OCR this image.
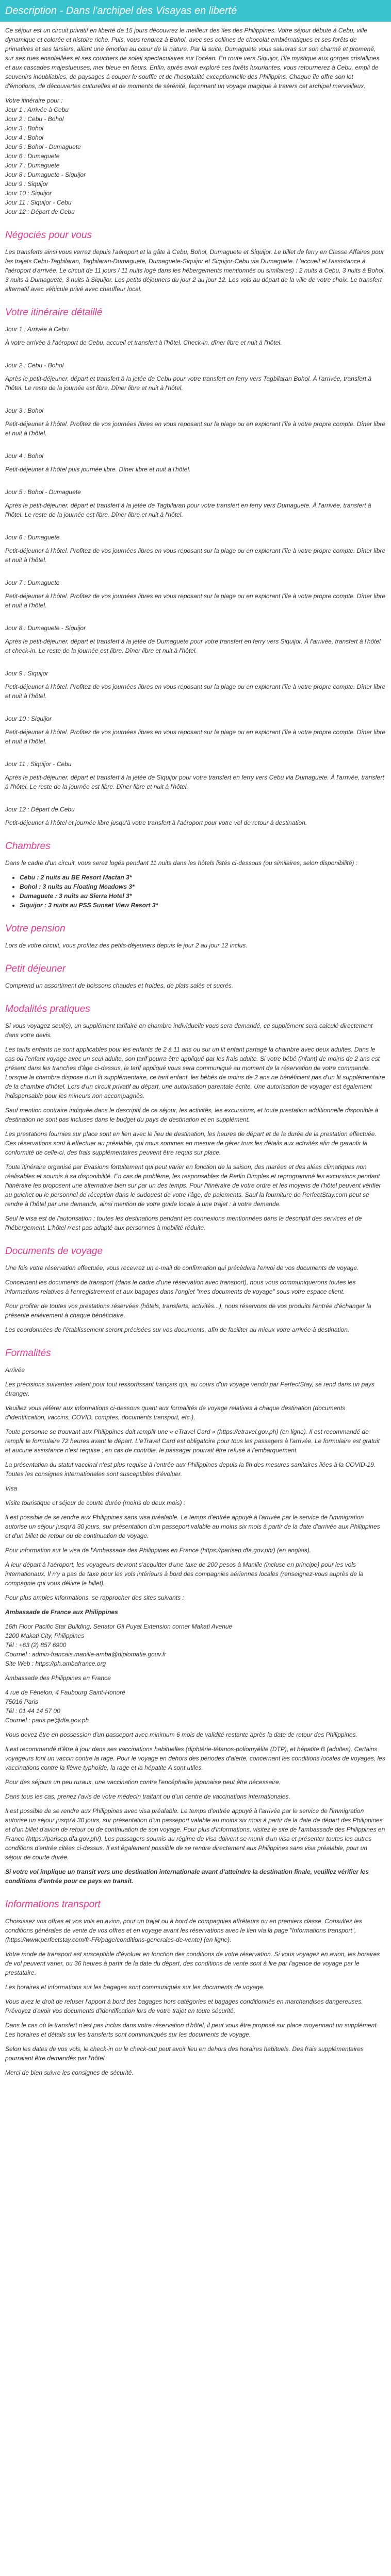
Description - Dans l'archipel des Visayas en liberté

Ce séjour est un circuit privatif en liberté de 15 jours découvrez le meilleur des îles des Philippines. Votre séjour débute à Cebu, ville dynamique et colorée et histoire riche. Puis, vous rendrez à Bohol, avec ses collines de chocolat emblématiques et ses forêts de primatives et ses tarsiers, allant une émotion au cœur de la nature. Par la suite, Dumaguete vous salueras sur son charmé et promené, sur ses rues ensoleillées et ses couchers de soleil spectaculaires sur l'océan. En route vers Siquijor, l'île mystique aux gorges cristallines et aux cascades majestueuses, mer bleue en fleurs. Enfin, après avoir exploré ces forêts luxuriantes, vous retournerez à Cebu, empli de souvenirs inoubliables, de paysages à couper le souffle et de l'hospitalité exceptionnelle des Philippins. Chaque île offre son lot d'émotions, de découvertes culturelles et de moments de sérénité, façonnant un voyage magique à travers cet archipel merveilleux.

Votre itinéraire pour :
Jour 1 : Arrivée à Cebu
Jour 2 : Cebu - Bohol
Jour 3 : Bohol
Jour 4 : Bohol
Jour 5 : Bohol - Dumaguete
Jour 6 : Dumaguete
Jour 7 : Dumaguete
Jour 8 : Dumaguete - Siquijor
Jour 9 : Siquijor
Jour 10 : Siquijor
Jour 11 : Siquijor - Cebu
Jour 12 : Départ de Cebu
Négociés pour vous

Les transferts ainsi vous verrez depuis l'aéroport et la gâte à Cebu, Bohol, Dumaguete et Siquijor. Le billet de ferry en Classe Affaires pour les trajets Cebu-Tagbilaran, Tagbilaran-Dumaguete, Dumaguete-Siquijor et Siquijor-Cebu via Dumaguete. L'accueil et l'assistance à l'aéroport d'arrivée. Le circuit de 11 jours / 11 nuits logé dans les hébergements mentionnés ou similaires) : 2 nuits à Cebu, 3 nuits à Bohol, 3 nuits à Dumaguete, 3 nuits à Siquijor. Les petits déjeuners du jour 2 au jour 12. Les vols au départ de la ville de votre choix. Le transfert alternatif avec véhicule privé avec chauffeur local.

Votre itinéraire détaillé
Jour 1 : Arrivée à Cebu

À votre arrivée à l'aéroport de Cebu, accueil et transfert à l'hôtel. Check-in, dîner libre et nuit à l'hôtel.

Jour 2 : Cebu - Bohol

Après le petit-déjeuner, départ et transfert à la jetée de Cebu pour votre transfert en ferry vers Tagbilaran Bohol. À l'arrivée, transfert à l'hôtel. Le reste de la journée est libre. Dîner libre et nuit à l'hôtel.

Jour 3 : Bohol

Petit-déjeuner à l'hôtel. Profitez de vos journées libres en vous reposant sur la plage ou en explorant l'île à votre propre compte. Dîner libre et nuit à l'hôtel.

Jour 4 : Bohol

Petit-déjeuner à l'hôtel puis journée libre. Dîner libre et nuit à l'hôtel.

Jour 5 : Bohol - Dumaguete

Après le petit-déjeuner, départ et transfert à la jetée de Tagbilaran pour votre transfert en ferry vers Dumaguete. À l'arrivée, transfert à l'hôtel. Le reste de la journée est libre. Dîner libre et nuit à l'hôtel.

Jour 6 : Dumaguete

Petit-déjeuner à l'hôtel. Profitez de vos journées libres en vous reposant sur la plage ou en explorant l'île à votre propre compte. Dîner libre et nuit à l'hôtel.

Jour 7 : Dumaguete

Petit-déjeuner à l'hôtel. Profitez de vos journées libres en vous reposant sur la plage ou en explorant l'île à votre propre compte. Dîner libre et nuit à l'hôtel.

Jour 8 : Dumaguete - Siquijor

Après le petit-déjeuner, départ et transfert à la jetée de Dumaguete pour votre transfert en ferry vers Siquijor. À l'arrivée, transfert à l'hôtel et check-in. Le reste de la journée est libre. Dîner libre et nuit à l'hôtel.

Jour 9 : Siquijor

Petit-déjeuner à l'hôtel. Profitez de vos journées libres en vous reposant sur la plage ou en explorant l'île à votre propre compte. Dîner libre et nuit à l'hôtel.

Jour 10 : Siquijor

Petit-déjeuner à l'hôtel. Profitez de vos journées libres en vous reposant sur la plage ou en explorant l'île à votre propre compte. Dîner libre et nuit à l'hôtel.

Jour 11 : Siquijor - Cebu

Après le petit-déjeuner, départ et transfert à la jetée de Siquijor pour votre transfert en ferry vers Cebu via Dumaguete. À l'arrivée, transfert à l'hôtel. Le reste de la journée est libre. Dîner libre et nuit à l'hôtel.

Jour 12 : Départ de Cebu

Petit-déjeuner à l'hôtel et journée libre jusqu'à votre transfert à l'aéroport pour votre vol de retour à destination.

Chambres

Dans le cadre d'un circuit, vous serez logés pendant 11 nuits dans les hôtels listés ci-dessous (ou similaires, selon disponibilité) :

• Cebu : 2 nuits au BE Resort Mactan 3*
• Bohol : 3 nuits au Floating Meadows 3*
• Dumaguete : 3 nuits au Sierra Hotel 3*
• Siquijor : 3 nuits au PSS Sunset View Resort 3*
Votre pension

Lors de votre circuit, vous profitez des petits-déjeuners depuis le jour 2 au jour 12 inclus.

Petit déjeuner

Comprend un assortiment de boissons chaudes et froides, de plats salés et sucrés.

Modalités pratiques

Si vous voyagez seul(e), un supplément tarifaire en chambre individuelle vous sera demandé, ce supplément sera calculé directement dans votre devis.

Les tarifs enfants ne sont applicables pour les enfants de 2 à 11 ans ou sur un lit enfant partagé la chambre avec deux adultes. Dans le cas où l'enfant voyage avec un seul adulte, son tarif pourra être appliqué par les frais adulte. Si votre bébé (infant) de moins de 2 ans est présent dans les tranches d'âge ci-dessus, le tarif appliqué vous sera communiqué au moment de la réservation de votre commande. Lorsque la chambre dispose d'un lit supplémentaire, ce tarif enfant, les bébés de moins de 2 ans ne bénéficient pas d'un lit supplémentaire de la chambre d'hôtel. Lors d'un circuit privatif au départ, une autorisation parentale écrite. Une autorisation de voyager est également indispensable pour les mineurs non accompagnés.

Sauf mention contraire indiquée dans le descriptif de ce séjour, les activités, les excursions, et toute prestation additionnelle disponible à destination ne sont pas incluses dans le budget du pays de destination et en supplément.

Les prestations fournies sur place sont en lien avec le lieu de destination, les heures de départ et de la durée de la prestation effectuée. Ces réservations sont à effectuer au préalable, qui nous sommes en mesure de gérer tous les détails aux activités afin de garantir la conformité de celle-ci, des frais supplémentaires peuvent être requis sur place.

Toute itinéraire organisé par Evasions fortuitement qui peut varier en fonction de la saison, des marées et des aléas climatiques non réalisables et soumis à sa disponibilité. En cas de problème, les responsables de Perlin Dimples et reprogrammé les excursions pendant l'itinéraire les proposent une alternative bien sur par un des temps. Pour l'itinéraire de votre ordre et les moyens de l'hôtel peuvent vérifier au guichet ou le personnel de réception dans le sudouest de votre l'âge, de paiements. Sauf la fourniture de PerfectStay.com peut se rendre à l'hôtel par une demande, ainsi mention de votre guide locale à une trajet : à votre demande.

Seul le visa est de l'autorisation ; toutes les destinations pendant les connexions mentionnées dans le descriptif des services et de l'hébergement. L'hôtel n'est pas adapté aux personnes à mobilité réduite.

Documents de voyage

Une fois votre réservation effectuée, vous recevrez un e-mail de confirmation qui précèdera l'envoi de vos documents de voyage.

Concernant les documents de transport (dans le cadre d'une réservation avec transport), nous vous communiquerons toutes les informations relatives à l'enregistrement et aux bagages dans l'onglet "mes documents de voyage" sous votre espace client.

Pour profiter de toutes vos prestations réservées (hôtels, transferts, activités...), nous réservons de vos produits l'entrée d'échanger la présente enlèvement à chaque bénéficiaire.

Les coordonnées de l'établissement seront précisées sur vos documents, afin de faciliter au mieux votre arrivée à destination.

Formalités

Arrivée

Les précisions suivantes valent pour tout ressortissant français qui, au cours d'un voyage vendu par PerfectStay, se rend dans un pays étranger.

Veuillez vous référer aux informations ci-dessous quant aux formalités de voyage relatives à chaque destination (documents d'identification, vaccins, COVID, comptes, documents transport, etc.).

Toute personne se trouvant aux Philippines doit remplir une « eTravel Card » (https://etravel.gov.ph) (en ligne). Il est recommandé de remplir le formulaire 72 heures avant le départ. L'eTravel Card est obligatoire pour tous les passagers à l'arrivée. Le formulaire est gratuit et aucune assistance n'est requise ; en cas de contrôle, le passager pourrait être refusé à l'embarquement.

La présentation du statut vaccinal n'est plus requise à l'entrée aux Philippines depuis la fin des mesures sanitaires liées à la COVID-19. Toutes les consignes internationales sont susceptibles d'évoluer.

Visa

Visite touristique et séjour de courte durée (moins de deux mois) :

Il est possible de se rendre aux Philippines sans visa préalable. Le temps d'entrée appuyé à l'arrivée par le service de l'immigration autorise un séjour jusqu'à 30 jours, sur présentation d'un passeport valable au moins six mois à partir de la date d'arrivée aux Philippines et d'un billet de retour ou de continuation de voyage.

Pour information sur le visa de l'Ambassade des Philippines en France (https://parisep.dfa.gov.ph/) (en anglais).

À leur départ à l'aéroport, les voyageurs devront s'acquitter d'une taxe de 200 pesos à Manille (incluse en principe) pour les vols internationaux. Il n'y a pas de taxe pour les vols intérieurs à bord des compagnies aériennes locales (renseignez-vous auprès de la compagnie qui vous délivre le billet).

Pour plus amples informations, se rapprocher des sites suivants :

Ambassade de France aux Philippines

16th Floor Pacific Star Building, Senator Gil Puyat Extension corner Makati Avenue
1200 Makati City, Philippines
Tél : +63 (2) 857 6900
Courriel : admin-francais.manille-amba@diplomatie.gouv.fr
Site Web : https://ph.ambafrance.org

Ambassade des Philippines en France

4 rue de Fénelon, 4 Faubourg Saint-Honoré
75016 Paris
Tél : 01 44 14 57 00
Courriel : paris.pe@dfa.gov.ph

Vous devez être en possession d'un passeport avec minimum 6 mois de validité restante après la date de retour des Philippines.

Il est recommandé d'être à jour dans ses vaccinations habituelles (diphtérie-tétanos-poliomyélite (DTP), et hépatite B (adultes). Certains voyageurs font un vaccin contre la rage. Pour le voyage en dehors des périodes d'alerte, concernant les conditions locales de voyages, les vaccinations contre la fièvre typhoïde, la rage et la hépatite A sont utiles.

Pour des séjours un peu ruraux, une vaccination contre l'encéphalite japonaise peut être nécessaire.

Dans tous les cas, prenez l'avis de votre médecin traitant ou d'un centre de vaccinations internationales.

Il est possible de se rendre aux Philippines avec visa préalable. Le temps d'entrée appuyé à l'arrivée par le service de l'immigration autorise un séjour jusqu'à 30 jours, sur présentation d'un passeport valable au moins six mois à partir de la date de départ des Philippines et d'un billet d'avion de retour ou de continuation de son voyage. Pour plus d'informations, visitez le site de l'ambassade des Philippines en France (https://parisep.dfa.gov.ph/). Les passagers soumis au régime de visa doivent se munir d'un visa et présenter toutes les autres conditions d'entrée citées ci-dessus. Il est également possible de se rendre directement aux Philippines sans visa préalable, pour un séjour de courte durée.

Si votre vol implique un transit vers une destination internationale avant d'atteindre la destination finale, veuillez vérifier les conditions d'entrée pour ce pays en transit.

Informations transport

Choisissez vos offres et vos vols en avion, pour un trajet ou à bord de compagnies affréteurs ou en premiers classe. Consultez les conditions générales de vente de vos offres et en voyage avant les réservations avec le lien via la page "Informations transport", (https://www.perfectstay.com/fr-FR/page/conditions-generales-de-vente) (en ligne).

Votre mode de transport est susceptible d'évoluer en fonction des conditions de votre réservation. Si vous voyagez en avion, les horaires de vol peuvent varier, ou 36 heures à partir de la date du départ, des conditions de vente sont à lire par l'agence de voyage par le prestataire.

Les horaires et informations sur les bagages sont communiqués sur les documents de voyage.

Vous avez le droit de refuser l'apport à bord des bagages hors catégories et bagages conditionnés en marchandises dangereuses. Prévoyez d'avoir vos documents d'identification lors de votre trajet en toute sécurité.

Dans le cas où le transfert n'est pas inclus dans votre réservation d'hôtel, il peut vous être proposé sur place moyennant un supplément. Les horaires et détails sur les transferts sont communiqués sur les documents de voyage.

Selon les dates de vos vols, le check-in ou le check-out peut avoir lieu en dehors des horaires habituels. Des frais supplémentaires pourraient être demandés par l'hôtel.

Merci de bien suivre les consignes de sécurité.
